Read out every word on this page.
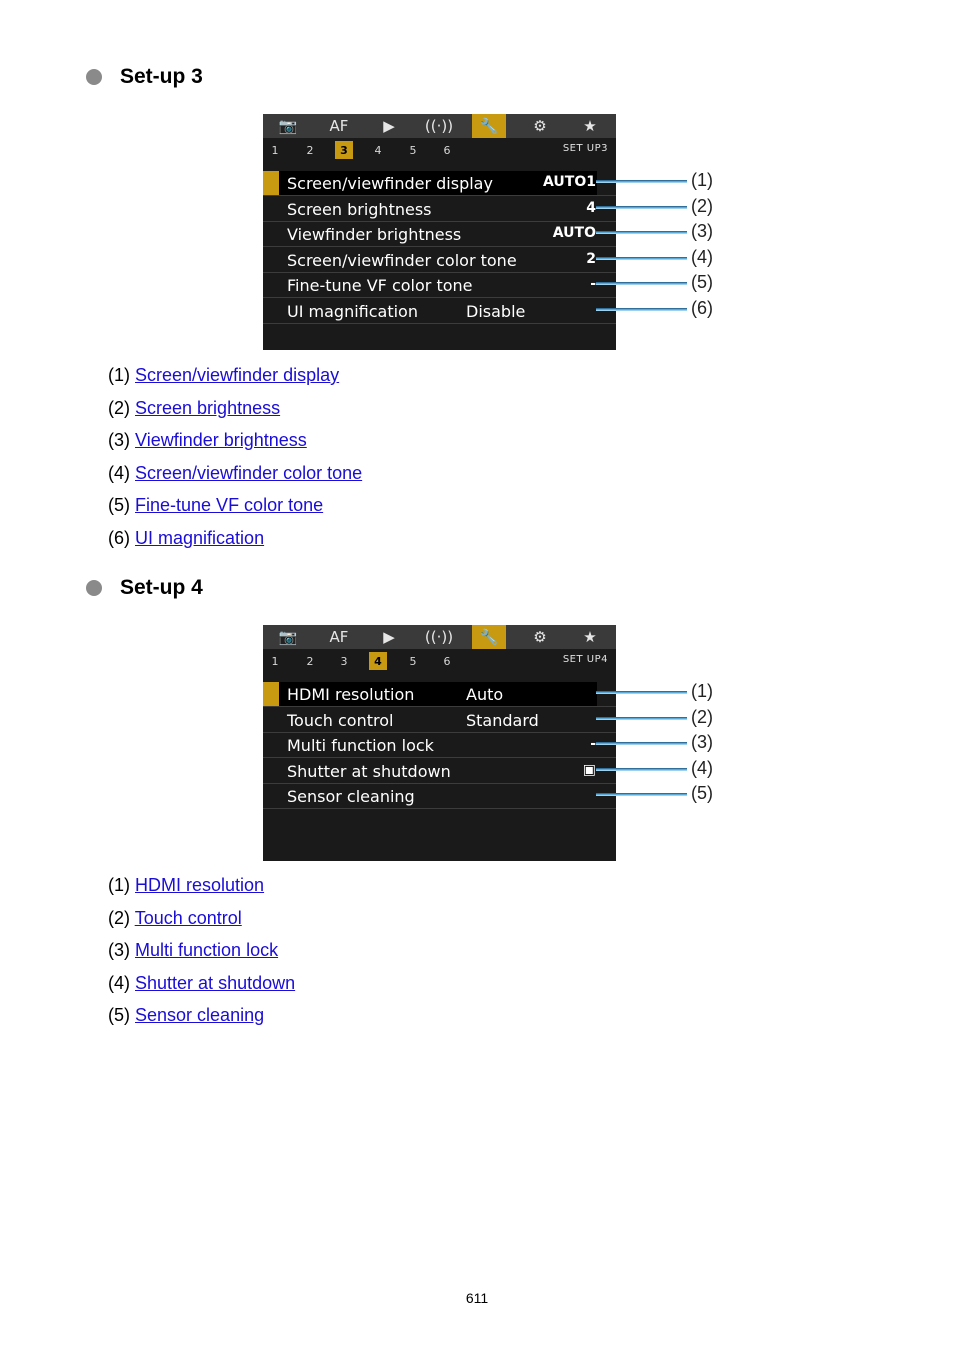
Set-up 3
📷	AF	▶	((·))	🔧	⚙	★
1	2	3	4	5	6	SET UP3
Screen/viewfinder display	AUTO1
Screen brightness	4
Viewfinder brightness	AUTO
Screen/viewfinder color tone	2
Fine-tune VF color tone	-
UI magnification	Disable
(1)
(2)
(3)
(4)
(5)
(6)
(1) Screen/viewfinder display
(2) Screen brightness
(3) Viewfinder brightness
(4) Screen/viewfinder color tone
(5) Fine-tune VF color tone
(6) UI magnification
Set-up 4
📷	AF	▶	((·))	🔧	⚙	★
1	2	3	4	5	6	SET UP4
HDMI resolution	Auto
Touch control	Standard
Multi function lock	-
Shutter at shutdown	▣
Sensor cleaning
(1)
(2)
(3)
(4)
(5)
(1) HDMI resolution
(2) Touch control
(3) Multi function lock
(4) Shutter at shutdown
(5) Sensor cleaning
611
